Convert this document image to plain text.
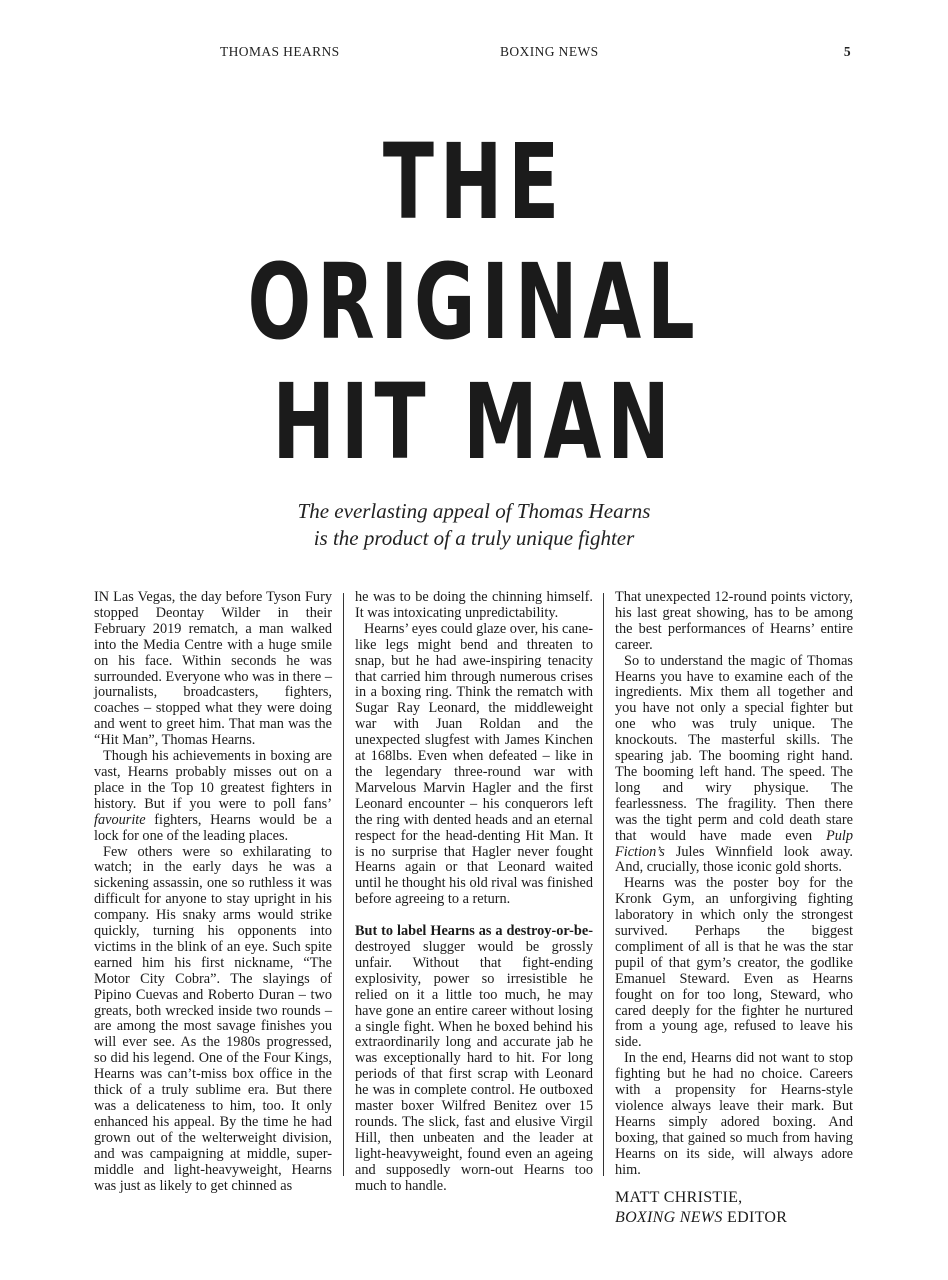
THOMAS HEARNS	BOXING NEWS	5
THE
ORIGINAL
HIT MAN
The everlasting appeal of Thomas Hearns
is the product of a truly unique fighter

IN Las Vegas, the day before Tyson Fury stopped Deontay Wilder in their February 2019 rematch, a man walked into the Media Centre with a huge smile on his face. Within seconds he was surrounded. Everyone who was in there – journalists, broadcasters, fighters, coaches – stopped what they were doing and went to greet him. That man was the “Hit Man”, Thomas Hearns.

Though his achievements in boxing are vast, Hearns probably misses out on a place in the Top 10 greatest fighters in history. But if you were to poll fans’ favourite fighters, Hearns would be a lock for one of the leading places.

Few others were so exhilarating to watch; in the early days he was a sickening assassin, one so ruthless it was difficult for anyone to stay upright in his company. His snaky arms would strike quickly, turning his opponents into victims in the blink of an eye. Such spite earned him his first nickname, “The Motor City Cobra”. The slayings of Pipino Cuevas and Roberto Duran – two greats, both wrecked inside two rounds – are among the most savage finishes you will ever see. As the 1980s progressed, so did his legend. One of the Four Kings, Hearns was can’t-miss box office in the thick of a truly sublime era. But there was a delicateness to him, too. It only enhanced his appeal. By the time he had grown out of the welterweight division, and was campaigning at middle, super-middle and light-heavyweight, Hearns was just as likely to get chinned as

he was to be doing the chinning himself. It was intoxicating unpredictability.

Hearns’ eyes could glaze over, his cane-like legs might bend and threaten to snap, but he had awe-inspiring tenacity that carried him through numerous crises in a boxing ring. Think the rematch with Sugar Ray Leonard, the middleweight war with Juan Roldan and the unexpected slugfest with James Kinchen at 168lbs. Even when defeated – like in the legendary three-round war with Marvelous Marvin Hagler and the first Leonard encounter – his conquerors left the ring with dented heads and an eternal respect for the head-denting Hit Man. It is no surprise that Hagler never fought Hearns again or that Leonard waited until he thought his old rival was finished before agreeing to a return.

But to label Hearns as a destroy-or-be-destroyed slugger would be grossly unfair. Without that fight-ending explosivity, power so irresistible he relied on it a little too much, he may have gone an entire career without losing a single fight. When he boxed behind his extraordinarily long and accurate jab he was exceptionally hard to hit. For long periods of that first scrap with Leonard he was in complete control. He outboxed master boxer Wilfred Benitez over 15 rounds. The slick, fast and elusive Virgil Hill, then unbeaten and the leader at light-heavyweight, found even an ageing and supposedly worn-out Hearns too much to handle.

That unexpected 12-round points victory, his last great showing, has to be among the best performances of Hearns’ entire career.

So to understand the magic of Thomas Hearns you have to examine each of the ingredients. Mix them all together and you have not only a special fighter but one who was truly unique. The knockouts. The masterful skills. The spearing jab. The booming right hand. The booming left hand. The speed. The long and wiry physique. The fearlessness. The fragility. Then there was the tight perm and cold death stare that would have made even Pulp Fiction’s Jules Winnfield look away. And, crucially, those iconic gold shorts.

Hearns was the poster boy for the Kronk Gym, an unforgiving fighting laboratory in which only the strongest survived. Perhaps the biggest compliment of all is that he was the star pupil of that gym’s creator, the godlike Emanuel Steward. Even as Hearns fought on for too long, Steward, who cared deeply for the fighter he nurtured from a young age, refused to leave his side.

In the end, Hearns did not want to stop fighting but he had no choice. Careers with a propensity for Hearns-style violence always leave their mark. But Hearns simply adored boxing. And boxing, that gained so much from having Hearns on its side, will always adore him.

MATT CHRISTIE,
BOXING NEWS EDITOR
